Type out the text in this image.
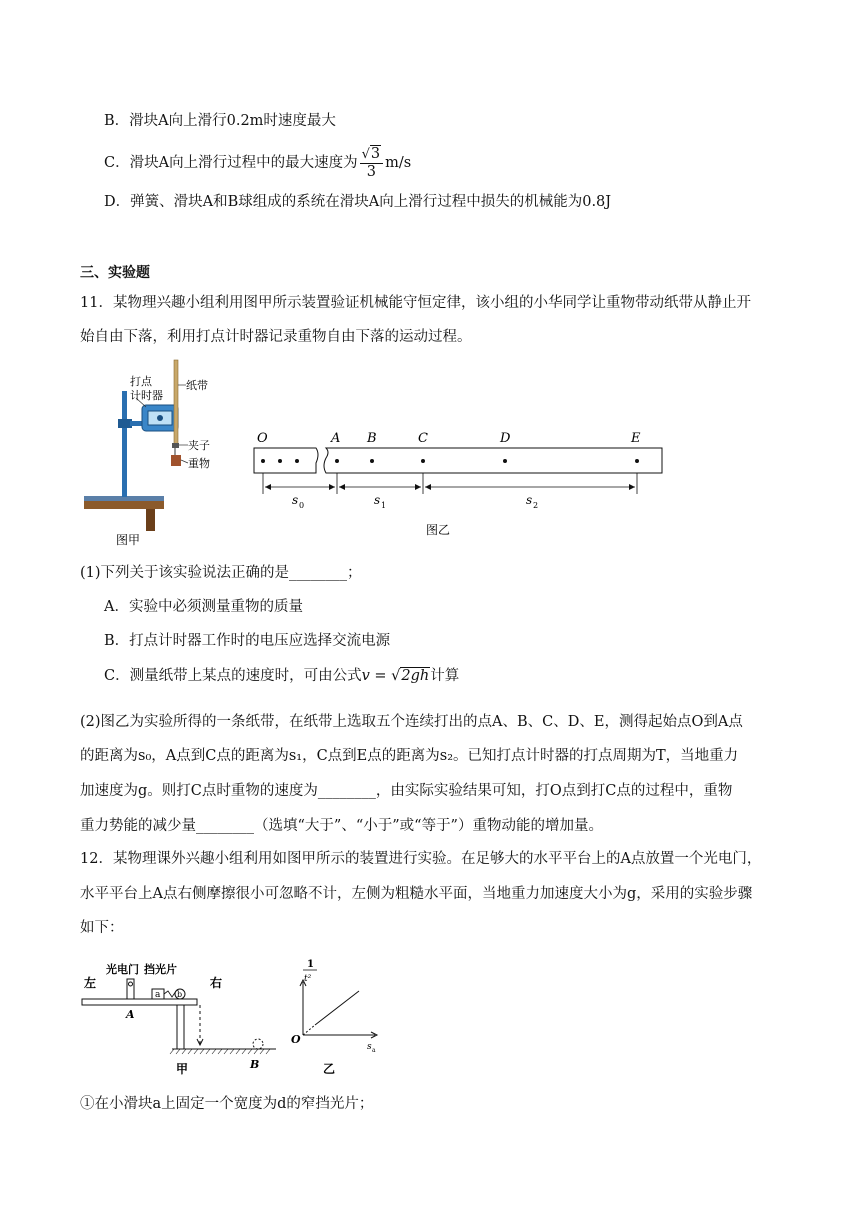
B．滑块A向上滑行0.2m时速度最大
C．滑块A向上滑行过程中的最大速度为 $\frac{√3}{3} m/s$
D．弹簧、滑块A和B球组成的系统在滑块A向上滑行过程中损失的机械能为0.8J
三、实验题
11．某物理兴趣小组利用图甲所示装置验证机械能守恒定律，该小组的小华同学让重物带动纸带从静止开
始自由下落，利用打点计时器记录重物自由下落的运动过程。
打点
计时器
纸带
夹子
重物
图甲
O	A B	C	D	E
s 0	s 1	s 2
图乙
(1)下列关于该实验说法正确的是________；
A．实验中必须测量重物的质量
B．打点计时器工作时的电压应选择交流电源
C．测量纸带上某点的速度时，可由公式v = √2gh计算
(2)图乙为实验所得的一条纸带，在纸带上选取五个连续打出的点A、B、C、D、E，测得起始点O到A点
的距离为s₀，A点到C点的距离为s₁，C点到E点的距离为s₂。已知打点计时器的打点周期为T，当地重力
加速度为g。则打C点时重物的速度为________，由实际实验结果可知，打O点到打C点的过程中，重物
重力势能的减少量________（选填“大于”、“小于”或“等于”）重物动能的增加量。
12．某物理课外兴趣小组利用如图甲所示的装置进行实验。在足够大的水平平台上的A点放置一个光电门，
水平平台上A点右侧摩擦很小可忽略不计，左侧为粗糙水平面，当地重力加速度大小为g，采用的实验步骤
如下：
左	右
光电门 挡光片
a b
A
B
甲
1
t²
O
s a
乙
①在小滑块a上固定一个宽度为d的窄挡光片；
